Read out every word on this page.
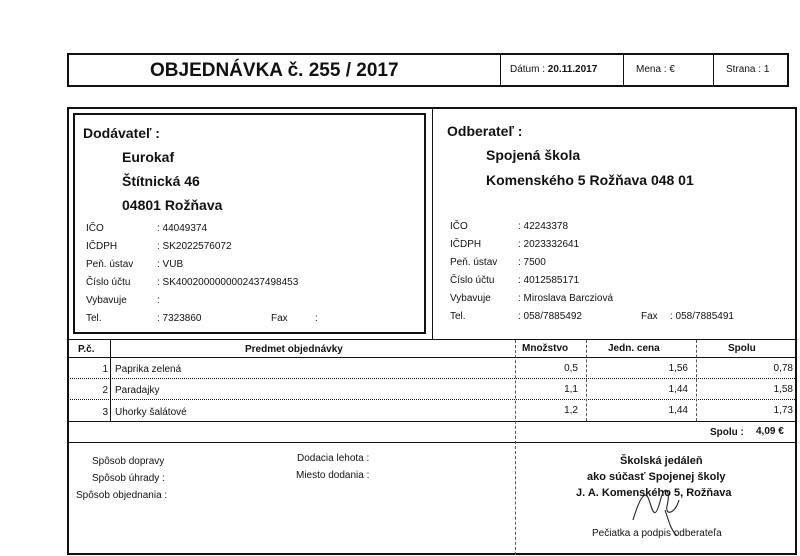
OBJEDNÁVKA č. 255 / 2017	Dátum : 20.11.2017	Mena : €	Strana : 1
Dodávateľ :
Eurokaf
Štítnická 46
04801 Rožňava
IČO	: 44049374
IČDPH	: SK2022576072
Peň. ústav : VUB
Číslo účtu	: SK4002000000002437498453
Vybavuje	:
Tel.	: 7323860	Fax	:
Odberateľ :
Spojená škola
Komenského 5 Rožňava 048 01
IČO	: 42243378
IČDPH	: 2023332641
Peň. ústav : 7500
Číslo účtu : 4012585171
Vybavuje	: Miroslava Barcziová
Tel.	: 058/7885492	Fax : 058/7885491
P.č.	Predmet objednávky	Množstvo	Jedn. cena	Spolu
1 Paprika zelená	0,5	1,56	0,78
2 Paradajky	1,1	1,44	1,58
3 Uhorky šalátové	1,2	1,44	1,73
Spolu : 4,09 €
Spôsob dopravy
Spôsob úhrady :
Spôsob objednania :
Dodacia lehota :
Miesto dodania :
Školská jedáleň
ako súčasť Spojenej školy
J. A. Komenského 5, Rožňava
Pečiatka a podpis odberateľa
